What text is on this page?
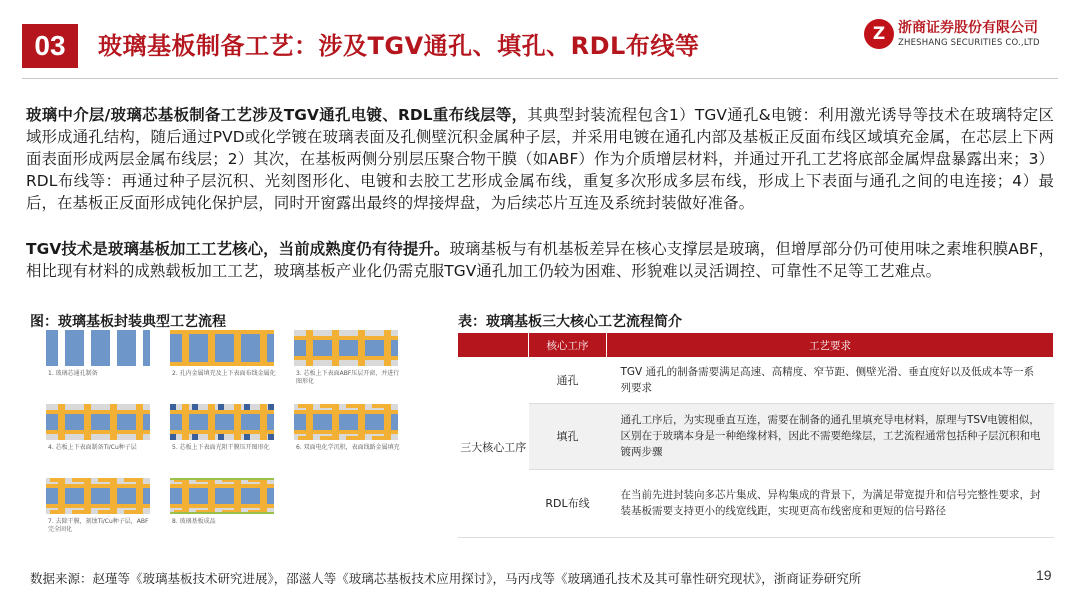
03	玻璃基板制备工艺：涉及TGV通孔、填孔、RDL布线等	Z 浙商证券股份有限公司
ZHESHANG SECURITIES CO.,LTD
玻璃中介层/玻璃芯基板制备工艺涉及TGV通孔电镀、RDL重布线层等，其典型封装流程包含1）TGV通孔&电镀：利用激光诱导等技术在玻璃特定区域形成通孔结构，随后通过PVD或化学镀在玻璃表面及孔侧壁沉积金属种子层，并采用电镀在通孔内部及基板正反面布线区域填充金属，在芯层上下两面表面形成两层金属布线层；2）其次，在基板两侧分别层压聚合物干膜（如ABF）作为介质增层材料，并通过开孔工艺将底部金属焊盘暴露出来；3）RDL布线等：再通过种子层沉积、光刻图形化、电镀和去胶工艺形成金属布线，重复多次形成多层布线，形成上下表面与通孔之间的电连接；4）最后，在基板正反面形成钝化保护层，同时开窗露出最终的焊接焊盘，为后续芯片互连及系统封装做好准备。
TGV技术是玻璃基板加工工艺核心，当前成熟度仍有待提升。玻璃基板与有机基板差异在核心支撑层是玻璃，但增厚部分仍可使用味之素堆积膜ABF，相比现有材料的成熟载板加工工艺，玻璃基板产业化仍需克服TGV通孔加工仍较为困难、形貌难以灵活调控、可靠性不足等工艺难点。
图：玻璃基板封装典型工艺流程
1. 玻璃芯通孔制备	2. 孔内金属填充及上下表面布线金属化	3. 芯板上下表面ABF压层开窗，并进行图形化
4. 芯板上下表面制备Ti/Cu种子层	5. 芯板上下表面光阻干膜压开图形化	6. 双面电化学沉积，表面线路金属填充
7. 去除干膜，刻蚀Ti/Cu种子层，ABF完全固化
8. 玻璃基板成品
表：玻璃基板三大核心工艺流程简介
	核心工序	工艺要求
三大核心工序	通孔	TGV 通孔的制备需要满足高速、高精度、窄节距、侧壁光滑、垂直度好以及低成本等一系列要求
	填孔	通孔工序后，为实现垂直互连，需要在制备的通孔里填充导电材料，原理与TSV电镀相似，区别在于玻璃本身是一种绝缘材料，因此不需要绝缘层，工艺流程通常包括种子层沉积和电镀两步骤
	RDL布线	在当前先进封装向多芯片集成、异构集成的背景下，为满足带宽提升和信号完整性要求，封装基板需要支持更小的线宽线距，实现更高布线密度和更短的信号路径
数据来源：赵瑾等《玻璃基板技术研究进展》，邵滋人等《玻璃芯基板技术应用探讨》，马丙戌等《玻璃通孔技术及其可靠性研究现状》，浙商证券研究所	19
